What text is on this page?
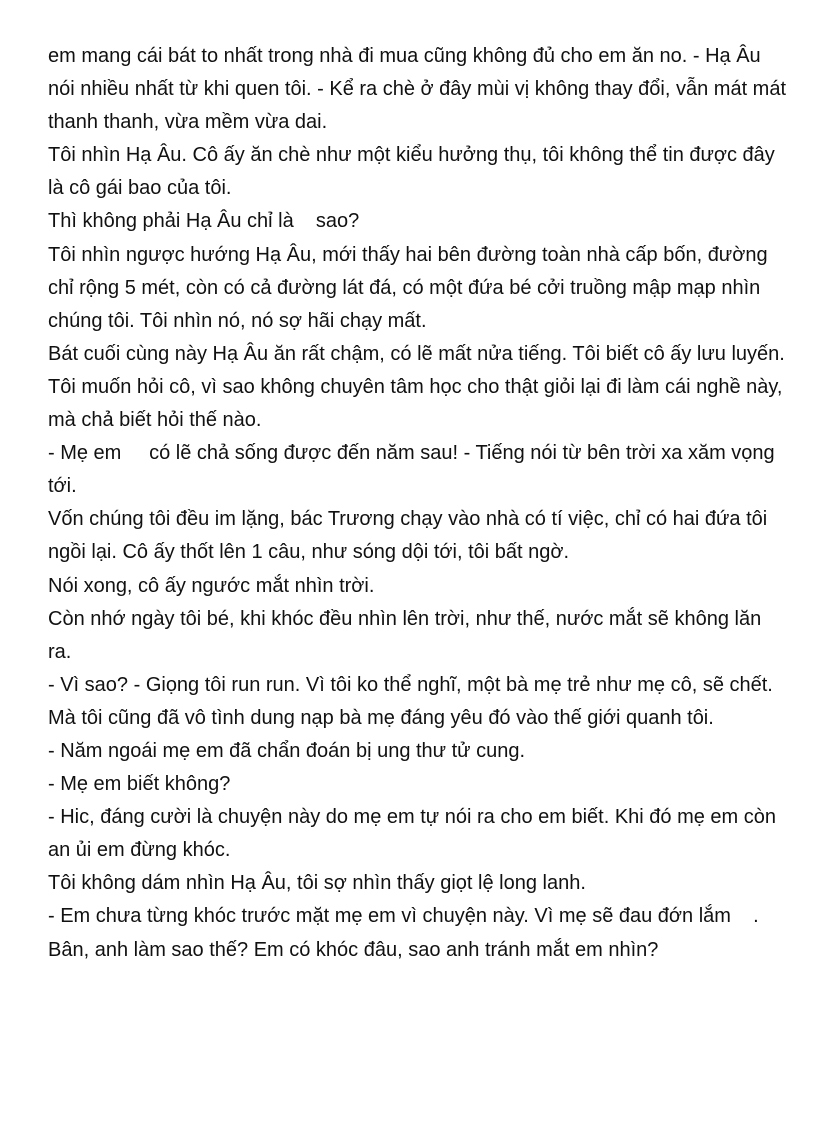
em mang cái bát to nhất trong nhà đi mua cũng không đủ cho em ăn no. - Hạ Âu nói nhiều nhất từ khi quen tôi. - Kể ra chè ở đây mùi vị không thay đổi, vẫn mát mát thanh thanh, vừa mềm vừa dai.

Tôi nhìn Hạ Âu. Cô ấy ăn chè như một kiểu hưởng thụ, tôi không thể tin được đây là cô gái bao của tôi.

Thì không phải Hạ Âu chỉ là    sao?

Tôi nhìn ngược hướng Hạ Âu, mới thấy hai bên đường toàn nhà cấp bốn, đường chỉ rộng 5 mét, còn có cả đường lát đá, có một đứa bé cởi truồng mập mạp nhìn chúng tôi. Tôi nhìn nó, nó sợ hãi chạy mất.

Bát cuối cùng này Hạ Âu ăn rất chậm, có lẽ mất nửa tiếng. Tôi biết cô ấy lưu luyến.

Tôi muốn hỏi cô, vì sao không chuyên tâm học cho thật giỏi lại đi làm cái nghề này, mà chả biết hỏi thế nào.

- Mẹ em     có lẽ chả sống được đến năm sau! - Tiếng nói từ bên trời xa xăm vọng tới.

Vốn chúng tôi đều im lặng, bác Trương chạy vào nhà có tí việc, chỉ có hai đứa tôi ngồi lại. Cô ấy thốt lên 1 câu, như sóng dội tới, tôi bất ngờ.

Nói xong, cô ấy ngước mắt nhìn trời.

Còn nhớ ngày tôi bé, khi khóc đều nhìn lên trời, như thế, nước mắt sẽ không lăn ra.

- Vì sao? - Giọng tôi run run. Vì tôi ko thể nghĩ, một bà mẹ trẻ như mẹ cô, sẽ chết. Mà tôi cũng đã vô tình dung nạp bà mẹ đáng yêu đó vào thế giới quanh tôi.

- Năm ngoái mẹ em đã chẩn đoán bị ung thư tử cung.

- Mẹ em biết không?

- Hic, đáng cười là chuyện này do mẹ em tự nói ra cho em biết. Khi đó mẹ em còn an ủi em đừng khóc.

Tôi không dám nhìn Hạ Âu, tôi sợ nhìn thấy giọt lệ long lanh.

- Em chưa từng khóc trước mặt mẹ em vì chuyện này. Vì mẹ sẽ đau đớn lắm    . Bân, anh làm sao thế? Em có khóc đâu, sao anh tránh mắt em nhìn?
